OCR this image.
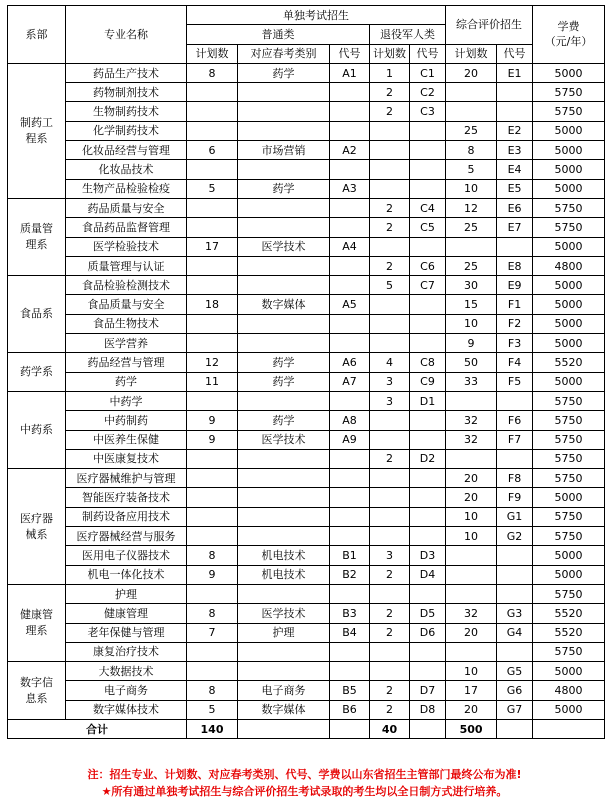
系部	专业名称	单独考试招生					综合评价招生		学费
（元/年）

		普通类			退役军人类				
		计划数	对应春考类别	代号	计划数	代号	计划数	代号	
制药工
程系	药品生产技术	8	药学	A1	1	C1	20	E1	5000
	药物制剂技术				2	C2			5750
	生物制药技术				2	C3			5750
	化学制药技术						25	E2	5000
	化妆品经营与管理	6	市场营销	A2			8	E3	5000
	化妆品技术						5	E4	5000
	生物产品检验检疫	5	药学	A3			10	E5	5000
质量管
理系	药品质量与安全				2	C4	12	E6	5750
	食品药品监督管理				2	C5	25	E7	5750
	医学检验技术	17	医学技术	A4					5000
	质量管理与认证				2	C6	25	E8	4800
食品系	食品检验检测技术				5	C7	30	E9	5000
	食品质量与安全	18	数字媒体	A5			15	F1	5000
	食品生物技术						10	F2	5000
	医学营养						9	F3	5000
药学系	药品经营与管理	12	药学	A6	4	C8	50	F4	5520
	药学	11	药学	A7	3	C9	33	F5	5000
中药系	中药学				3	D1			5750
	中药制药	9	药学	A8			32	F6	5750
	中医养生保健	9	医学技术	A9			32	F7	5750
	中医康复技术				2	D2			5750
医疗器
械系	医疗器械维护与管理						20	F8	5750
	智能医疗装备技术						20	F9	5000
	制药设备应用技术						10	G1	5750
	医疗器械经营与服务						10	G2	5750
	医用电子仪器技术	8	机电技术	B1	3	D3			5000
	机电一体化技术	9	机电技术	B2	2	D4			5000
健康管
理系	护理								5750
	健康管理	8	医学技术	B3	2	D5	32	G3	5520
	老年保健与管理	7	护理	B4	2	D6	20	G4	5520
	康复治疗技术								5750
数字信
息系	大数据技术						10	G5	5000
	电子商务	8	电子商务	B5	2	D7	17	G6	4800
	数字媒体技术	5	数字媒体	B6	2	D8	20	G7	5000
合计		140			40		500		
注：招生专业、计划数、对应春考类别、代号、学费以山东省招生主管部门最终公布为准!
★所有通过单独考试招生与综合评价招生考试录取的考生均以全日制方式进行培养。
